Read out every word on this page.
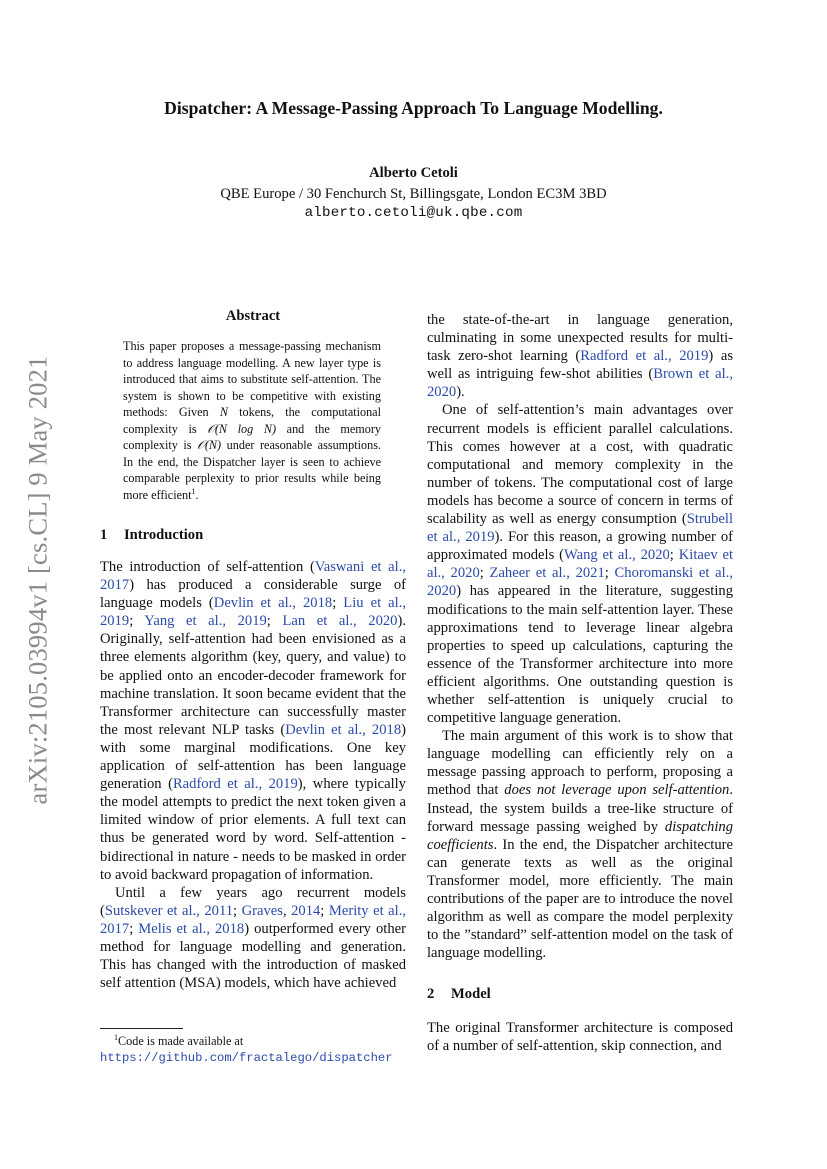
arXiv:2105.03994v1 [cs.CL] 9 May 2021
Dispatcher: A Message-Passing Approach To Language Modelling.
Alberto Cetoli
QBE Europe / 30 Fenchurch St, Billingsgate, London EC3M 3BD
alberto.cetoli@uk.qbe.com
Abstract

This paper proposes a message-passing mechanism to address language modelling. A new layer type is introduced that aims to substitute self-attention. The system is shown to be competitive with existing methods: Given N tokens, the computational complexity is 𝒪(N log N) and the memory complexity is 𝒪(N) under reasonable assumptions. In the end, the Dispatcher layer is seen to achieve comparable perplexity to prior results while being more efficient$^1$.

1 Introduction

The introduction of self-attention (Vaswani et al., 2017) has produced a considerable surge of language models (Devlin et al., 2018; Liu et al., 2019; Yang et al., 2019; Lan et al., 2020). Originally, self-attention had been envisioned as a three elements algorithm (key, query, and value) to be applied onto an encoder-decoder framework for machine translation. It soon became evident that the Transformer architecture can successfully master the most relevant NLP tasks (Devlin et al., 2018) with some marginal modifications. One key application of self-attention has been language generation (Radford et al., 2019), where typically the model attempts to predict the next token given a limited window of prior elements. A full text can thus be generated word by word. Self-attention - bidirectional in nature - needs to be masked in order to avoid backward propagation of information.

Until a few years ago recurrent models (Sutskever et al., 2011; Graves, 2014; Merity et al., 2017; Melis et al., 2018) outperformed every other method for language modelling and generation. This has changed with the introduction of masked self attention (MSA) models, which have achieved

the state-of-the-art in language generation, culminating in some unexpected results for multi-task zero-shot learning (Radford et al., 2019) as well as intriguing few-shot abilities (Brown et al., 2020).

One of self-attention’s main advantages over recurrent models is efficient parallel calculations. This comes however at a cost, with quadratic computational and memory complexity in the number of tokens. The computational cost of large models has become a source of concern in terms of scalability as well as energy consumption (Strubell et al., 2019). For this reason, a growing number of approximated models (Wang et al., 2020; Kitaev et al., 2020; Zaheer et al., 2021; Choromanski et al., 2020) has appeared in the literature, suggesting modifications to the main self-attention layer. These approximations tend to leverage linear algebra properties to speed up calculations, capturing the essence of the Transformer architecture into more efficient algorithms. One outstanding question is whether self-attention is uniquely crucial to competitive language generation.

The main argument of this work is to show that language modelling can efficiently rely on a message passing approach to perform, proposing a method that does not leverage upon self-attention. Instead, the system builds a tree-like structure of forward message passing weighed by dispatching coefficients. In the end, the Dispatcher architecture can generate texts as well as the original Transformer model, more efficiently. The main contributions of the paper are to introduce the novel algorithm as well as compare the model perplexity to the ”standard” self-attention model on the task of language modelling.

2 Model

The original Transformer architecture is composed of a number of self-attention, skip connection, and

$^1$Code is made available at https://github.com/fractalego/dispatcher
